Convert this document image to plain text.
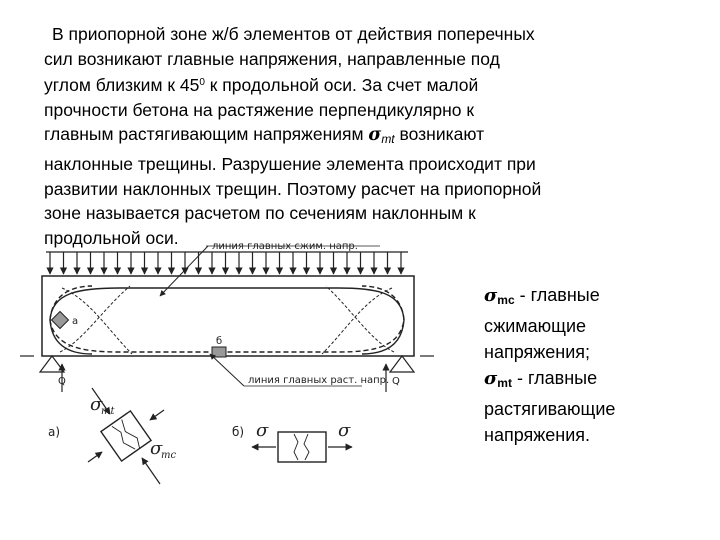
В приопорной зоне ж/б элементов от действия поперечных

сил возникают главные напряжения, направленные под

углом близким к $45^0$ к продольной оси. За счет малой

прочности бетона на растяжение перпендикулярно к

главным растягивающим напряжениям $\sigma_{mt}$ возникают

наклонные трещины. Разрушение элемента происходит при

развитии наклонных трещин. Поэтому расчет на приопорной

зоне называется расчетом по сечениям наклонным к

продольной оси.

а
б
линия главных сжим. напр.
линия главных раст. напр.
Q	Q
а)
σ
mt
σ
mc
б) σ	σ

$\sigma_{mc}$ - главные

сжимающие

напряжения;

$\sigma_{mt}$ - главные

растягивающие

напряжения.
